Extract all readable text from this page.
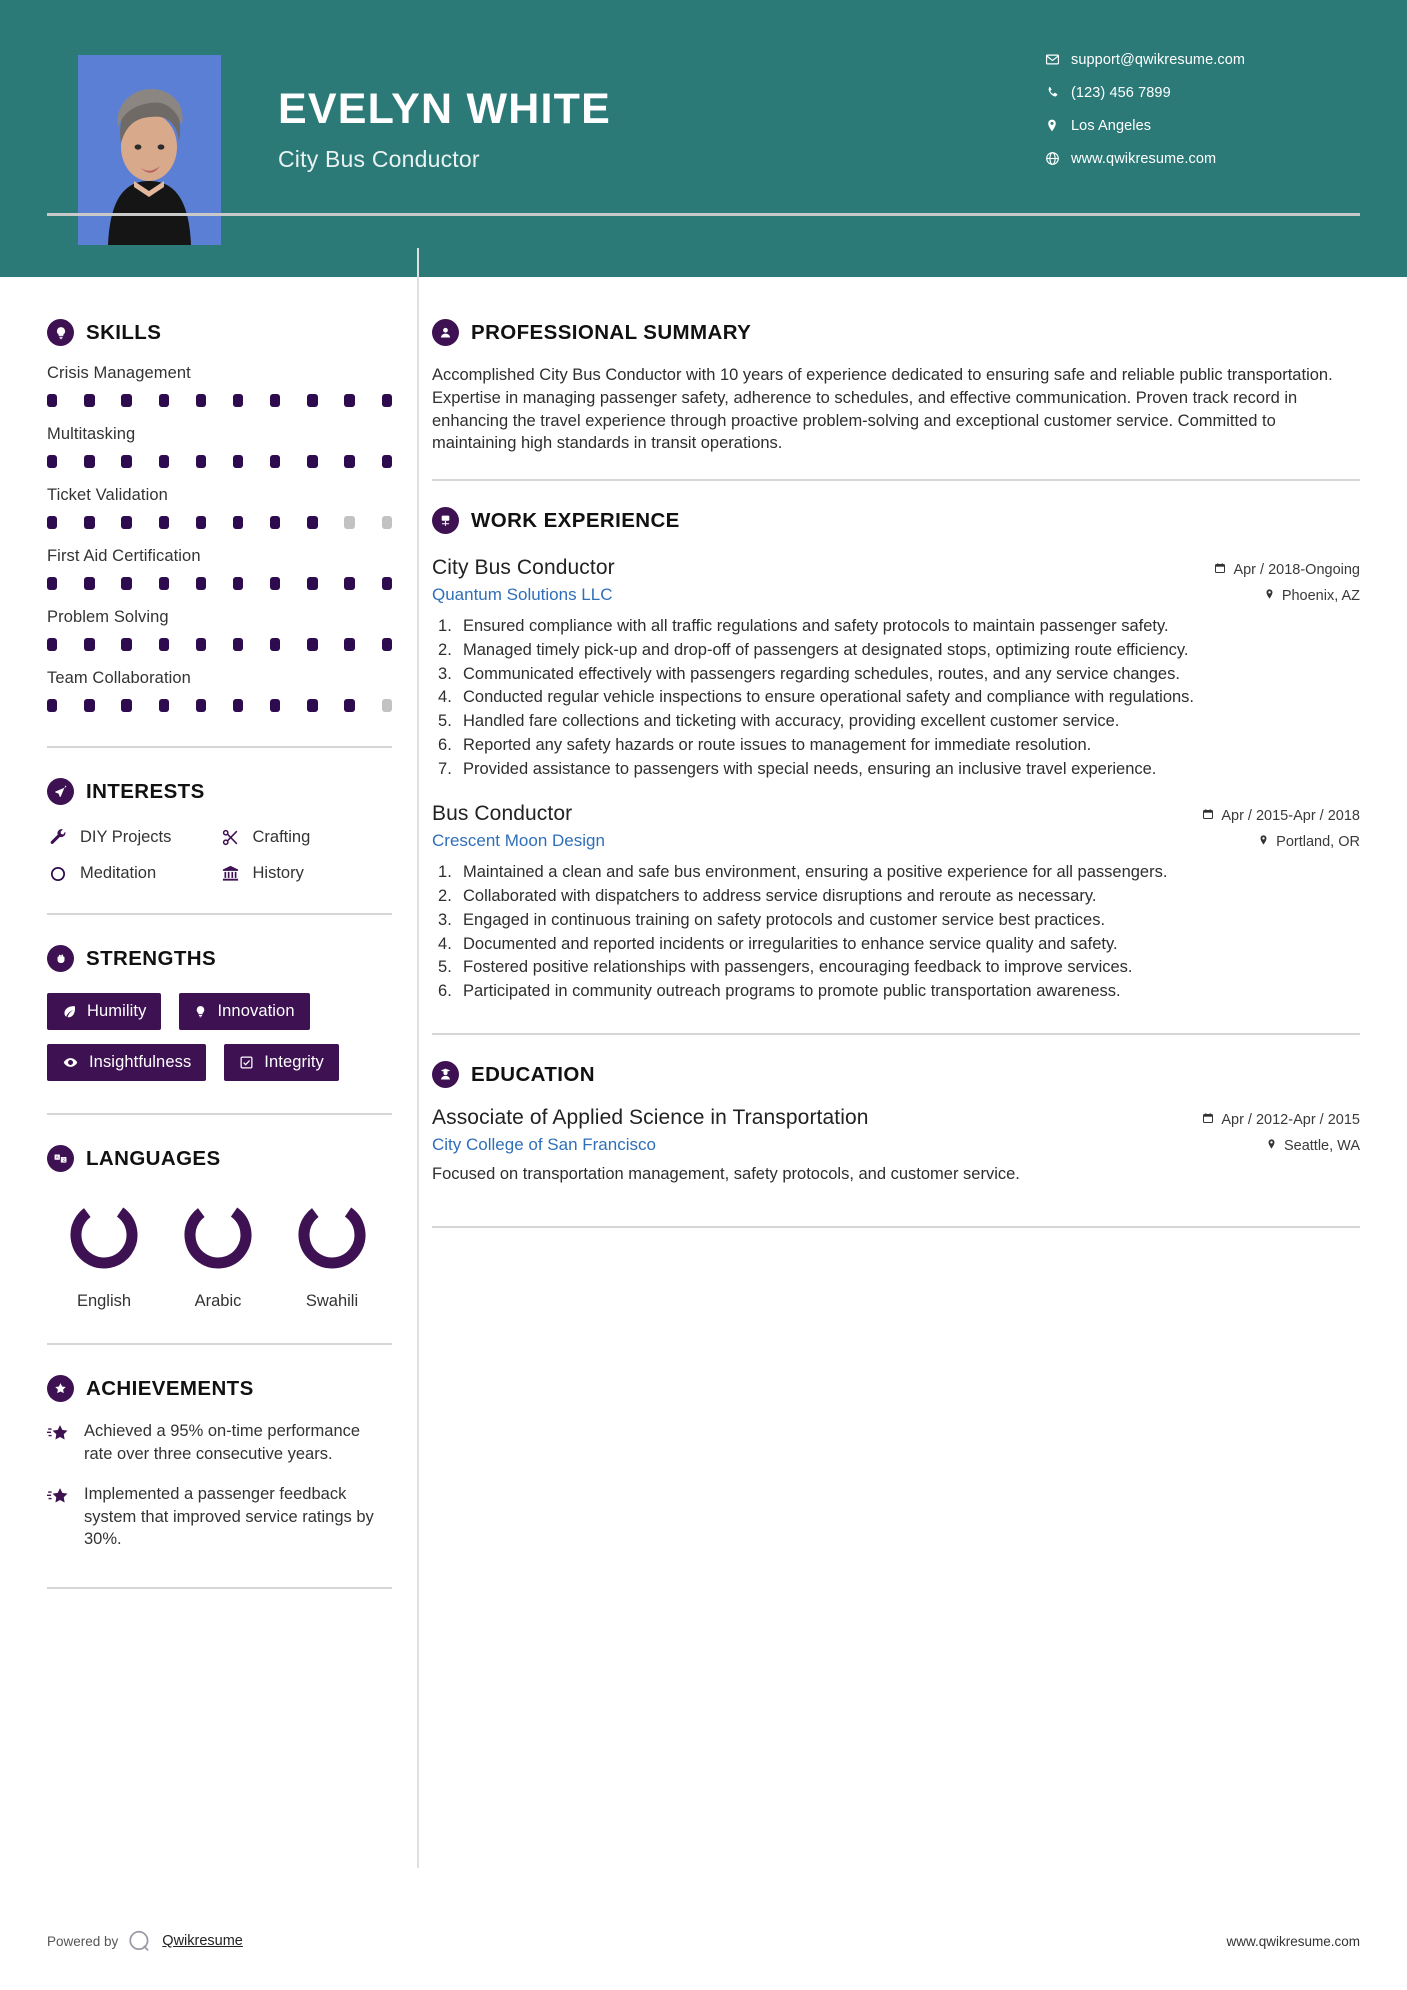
EVELYN WHITE
City Bus Conductor
support@qwikresume.com
(123) 456 7899
Los Angeles
www.qwikresume.com
SKILLS
Crisis Management
Multitasking
Ticket Validation
First Aid Certification
Problem Solving
Team Collaboration
INTERESTS
DIY Projects	Crafting
Meditation	History
STRENGTHS
Humility	Innovation
Insightfulness	Integrity
A
文 LANGUAGES
English	Arabic	Swahili
ACHIEVEMENTS
Achieved a 95% on-time performance rate over three consecutive years.
Implemented a passenger feedback system that improved service ratings by 30%.
PROFESSIONAL SUMMARY

Accomplished City Bus Conductor with 10 years of experience dedicated to ensuring safe and reliable public transportation. Expertise in managing passenger safety, adherence to schedules, and effective communication. Proven track record in enhancing the travel experience through proactive problem-solving and exceptional customer service. Committed to maintaining high standards in transit operations.

WORK EXPERIENCE
City Bus Conductor	Apr / 2018-Ongoing
Quantum Solutions LLC	Phoenix, AZ
Ensured compliance with all traffic regulations and safety protocols to maintain passenger safety.
Managed timely pick-up and drop-off of passengers at designated stops, optimizing route efficiency.
Communicated effectively with passengers regarding schedules, routes, and any service changes.
Conducted regular vehicle inspections to ensure operational safety and compliance with regulations.
Handled fare collections and ticketing with accuracy, providing excellent customer service.
Reported any safety hazards or route issues to management for immediate resolution.
Provided assistance to passengers with special needs, ensuring an inclusive travel experience.
Bus Conductor	Apr / 2015-Apr / 2018
Crescent Moon Design	Portland, OR
Maintained a clean and safe bus environment, ensuring a positive experience for all passengers.
Collaborated with dispatchers to address service disruptions and reroute as necessary.
Engaged in continuous training on safety protocols and customer service best practices.
Documented and reported incidents or irregularities to enhance service quality and safety.
Fostered positive relationships with passengers, encouraging feedback to improve services.
Participated in community outreach programs to promote public transportation awareness.
EDUCATION
Associate of Applied Science in Transportation	Apr / 2012-Apr / 2015
City College of San Francisco	Seattle, WA

Focused on transportation management, safety protocols, and customer service.

Powered by	Qwikresume	www.qwikresume.com
